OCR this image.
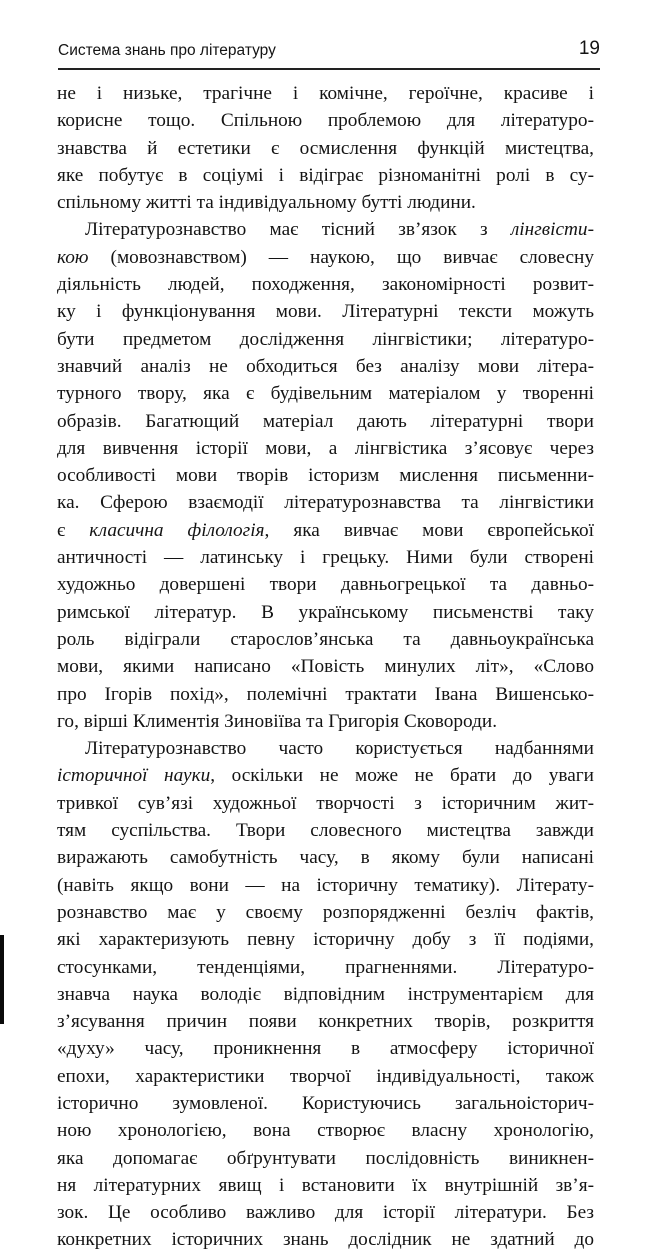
Система знань про літературу	19
не і низьке, трагічне і комічне, героїчне, красиве і
корисне тощо. Спільною проблемою для літературо-
знавства й естетики є осмислення функцій мистецтва,
яке побутує в соціумі і відіграє різноманітні ролі в су-
спільному житті та індивідуальному бутті людини.
Літературознавство має тісний зв’язок з лінгвісти-
кою (мовознавством) — наукою, що вивчає словесну
діяльність людей, походження, закономірності розвит-
ку і функціонування мови. Літературні тексти можуть
бути предметом дослідження лінгвістики; літературо-
знавчий аналіз не обходиться без аналізу мови літера-
турного твору, яка є будівельним матеріалом у творенні
образів. Багатющий матеріал дають літературні твори
для вивчення історії мови, а лінгвістика з’ясовує через
особливості мови творів історизм мислення письменни-
ка. Сферою взаємодії літературознавства та лінгвістики
є класична філологія, яка вивчає мови європейської
античності — латинську і грецьку. Ними були створені
художньо довершені твори давньогрецької та давньо-
римської літератур. В українському письменстві таку
роль відіграли старослов’янська та давньоукраїнська
мови, якими написано «Повість минулих літ», «Слово
про Ігорів похід», полемічні трактати Івана Вишенсько-
го, вірші Климентія Зиновіїва та Григорія Сковороди.
Літературознавство часто користується надбаннями
історичної науки, оскільки не може не брати до уваги
тривкої сув’язі художньої творчості з історичним жит-
тям суспільства. Твори словесного мистецтва завжди
виражають самобутність часу, в якому були написані
(навіть якщо вони — на історичну тематику). Літерату-
рознавство має у своєму розпорядженні безліч фактів,
які характеризують певну історичну добу з її подіями,
стосунками, тенденціями, прагненнями. Літературо-
знавча наука володіє відповідним інструментарієм для
з’ясування причин появи конкретних творів, розкриття
«духу» часу, проникнення в атмосферу історичної
епохи, характеристики творчої індивідуальності, також
історично зумовленої. Користуючись загальноісторич-
ною хронологією, вона створює власну хронологію,
яка допомагає обґрунтувати послідовність виникнен-
ня літературних явищ і встановити їх внутрішній зв’я-
зок. Це особливо важливо для історії літератури. Без
конкретних історичних знань дослідник не здатний до
